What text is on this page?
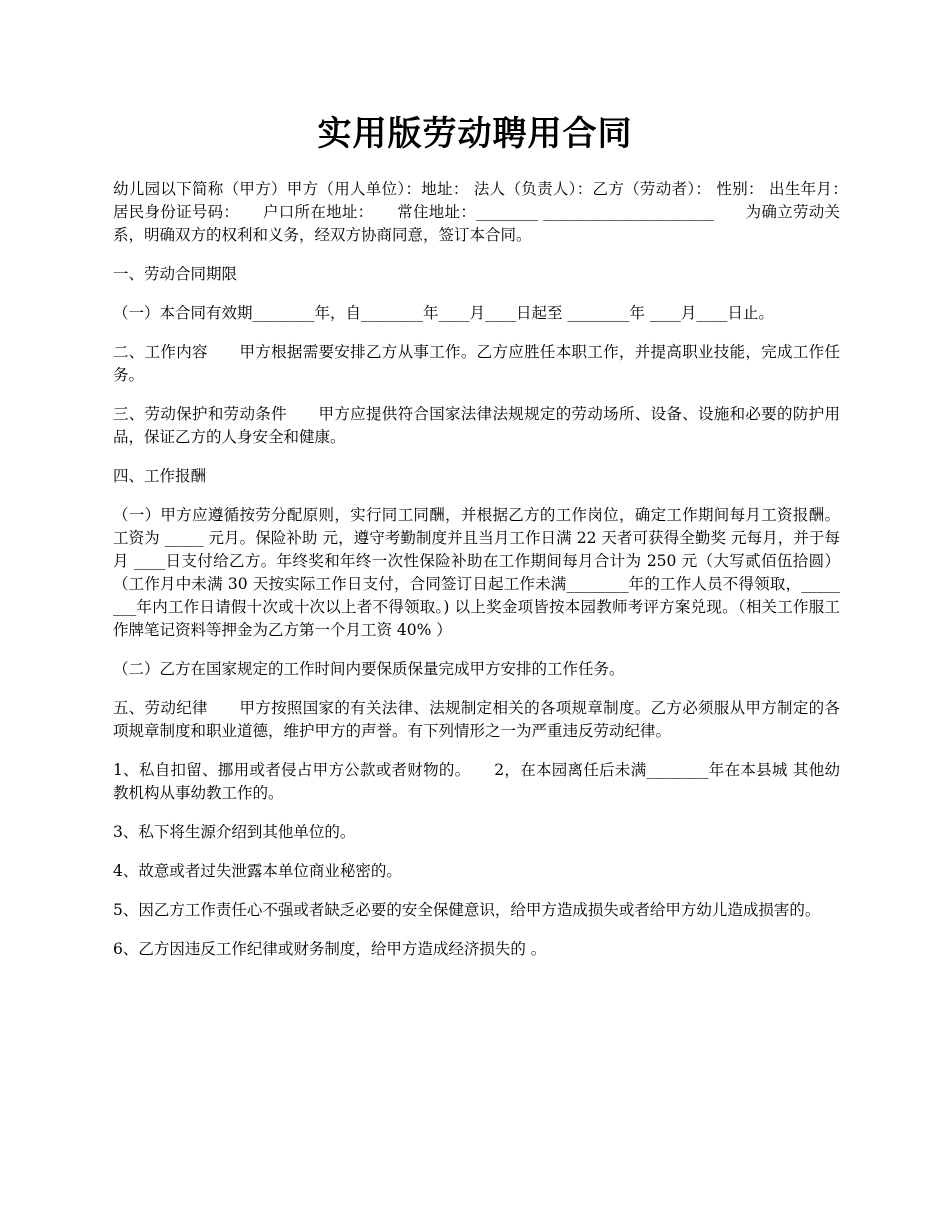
实用版劳动聘用合同

幼儿园以下简称（甲方）甲方（用人单位）：地址： 法人（负责人）：乙方（劳动者）： 性别： 出生年月：　　居民身份证号码：　　户口所在地址：　　常住地址：________ ______________________　　为确立劳动关系，明确双方的权利和义务，经双方协商同意，签订本合同。

一、劳动合同期限

（一）本合同有效期________年，自________年____月____日起至 ________年 ____月____日止。

二、工作内容　　甲方根据需要安排乙方从事工作。乙方应胜任本职工作，并提高职业技能，完成工作任务。

三、劳动保护和劳动条件　　甲方应提供符合国家法律法规规定的劳动场所、设备、设施和必要的防护用品，保证乙方的人身安全和健康。

四、工作报酬

（一）甲方应遵循按劳分配原则，实行同工同酬，并根据乙方的工作岗位，确定工作期间每月工资报酬。工资为 _____ 元月。保险补助 元，遵守考勤制度并且当月工作日满 22 天者可获得全勤奖 元每月，并于每月 ____日支付给乙方。年终奖和年终一次性保险补助在工作期间每月合计为 250 元（大写贰佰伍拾圆）（工作月中未满 30 天按实际工作日支付，合同签订日起工作未满________年的工作人员不得领取，________年内工作日请假十次或十次以上者不得领取。) 以上奖金项皆按本园教师考评方案兑现。（相关工作服工作牌笔记资料等押金为乙方第一个月工资 40% ）

（二）乙方在国家规定的工作时间内要保质保量完成甲方安排的工作任务。

五、劳动纪律　　甲方按照国家的有关法律、法规制定相关的各项规章制度。乙方必须服从甲方制定的各项规章制度和职业道德，维护甲方的声誉。有下列情形之一为严重违反劳动纪律。

1、私自扣留、挪用或者侵占甲方公款或者财物的。　　2，在本园离任后未满________年在本县城 其他幼教机构从事幼教工作的。

3、私下将生源介绍到其他单位的。

4、故意或者过失泄露本单位商业秘密的。

5、因乙方工作责任心不强或者缺乏必要的安全保健意识，给甲方造成损失或者给甲方幼儿造成损害的。

6、乙方因违反工作纪律或财务制度，给甲方造成经济损失的 。
